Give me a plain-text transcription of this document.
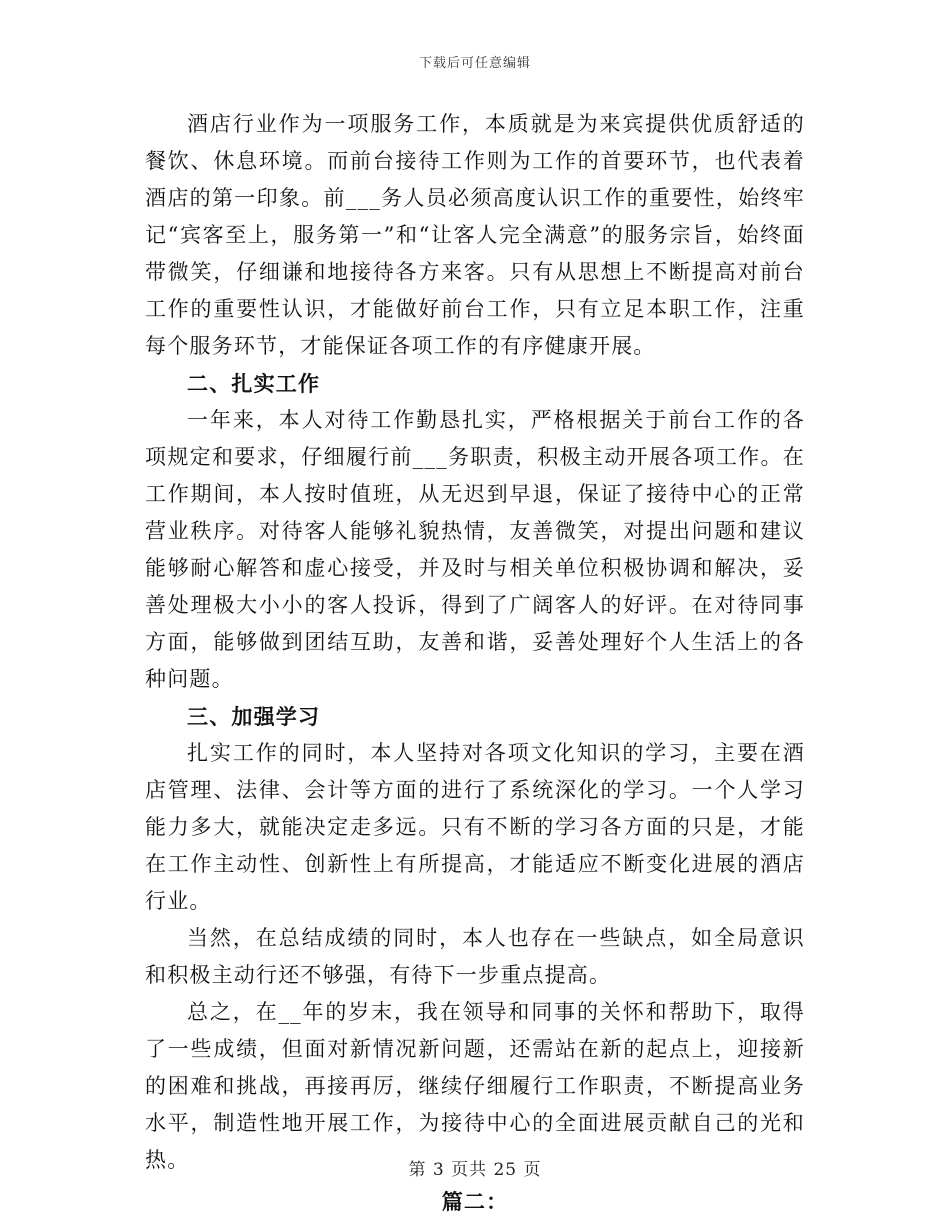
下载后可任意编辑

酒店行业作为一项服务工作，本质就是为来宾提供优质舒适的餐饮、休息环境。而前台接待工作则为工作的首要环节，也代表着酒店的第一印象。前___务人员必须高度认识工作的重要性，始终牢记“宾客至上，服务第一”和“让客人完全满意”的服务宗旨，始终面带微笑，仔细谦和地接待各方来客。只有从思想上不断提高对前台工作的重要性认识，才能做好前台工作，只有立足本职工作，注重每个服务环节，才能保证各项工作的有序健康开展。

二、扎实工作

一年来，本人对待工作勤恳扎实，严格根据关于前台工作的各项规定和要求，仔细履行前___务职责，积极主动开展各项工作。在工作期间，本人按时值班，从无迟到早退，保证了接待中心的正常营业秩序。对待客人能够礼貌热情，友善微笑，对提出问题和建议能够耐心解答和虚心接受，并及时与相关单位积极协调和解决，妥善处理极大小小的客人投诉，得到了广阔客人的好评。在对待同事方面，能够做到团结互助，友善和谐，妥善处理好个人生活上的各种问题。

三、加强学习

扎实工作的同时，本人坚持对各项文化知识的学习，主要在酒店管理、法律、会计等方面的进行了系统深化的学习。一个人学习能力多大，就能决定走多远。只有不断的学习各方面的只是，才能在工作主动性、创新性上有所提高，才能适应不断变化进展的酒店行业。

当然，在总结成绩的同时，本人也存在一些缺点，如全局意识和积极主动行还不够强，有待下一步重点提高。

总之，在__年的岁末，我在领导和同事的关怀和帮助下，取得了一些成绩，但面对新情况新问题，还需站在新的起点上，迎接新的困难和挑战，再接再厉，继续仔细履行工作职责，不断提高业务水平，制造性地开展工作，为接待中心的全面进展贡献自己的光和热。

篇二：

第 3 页共 25 页
